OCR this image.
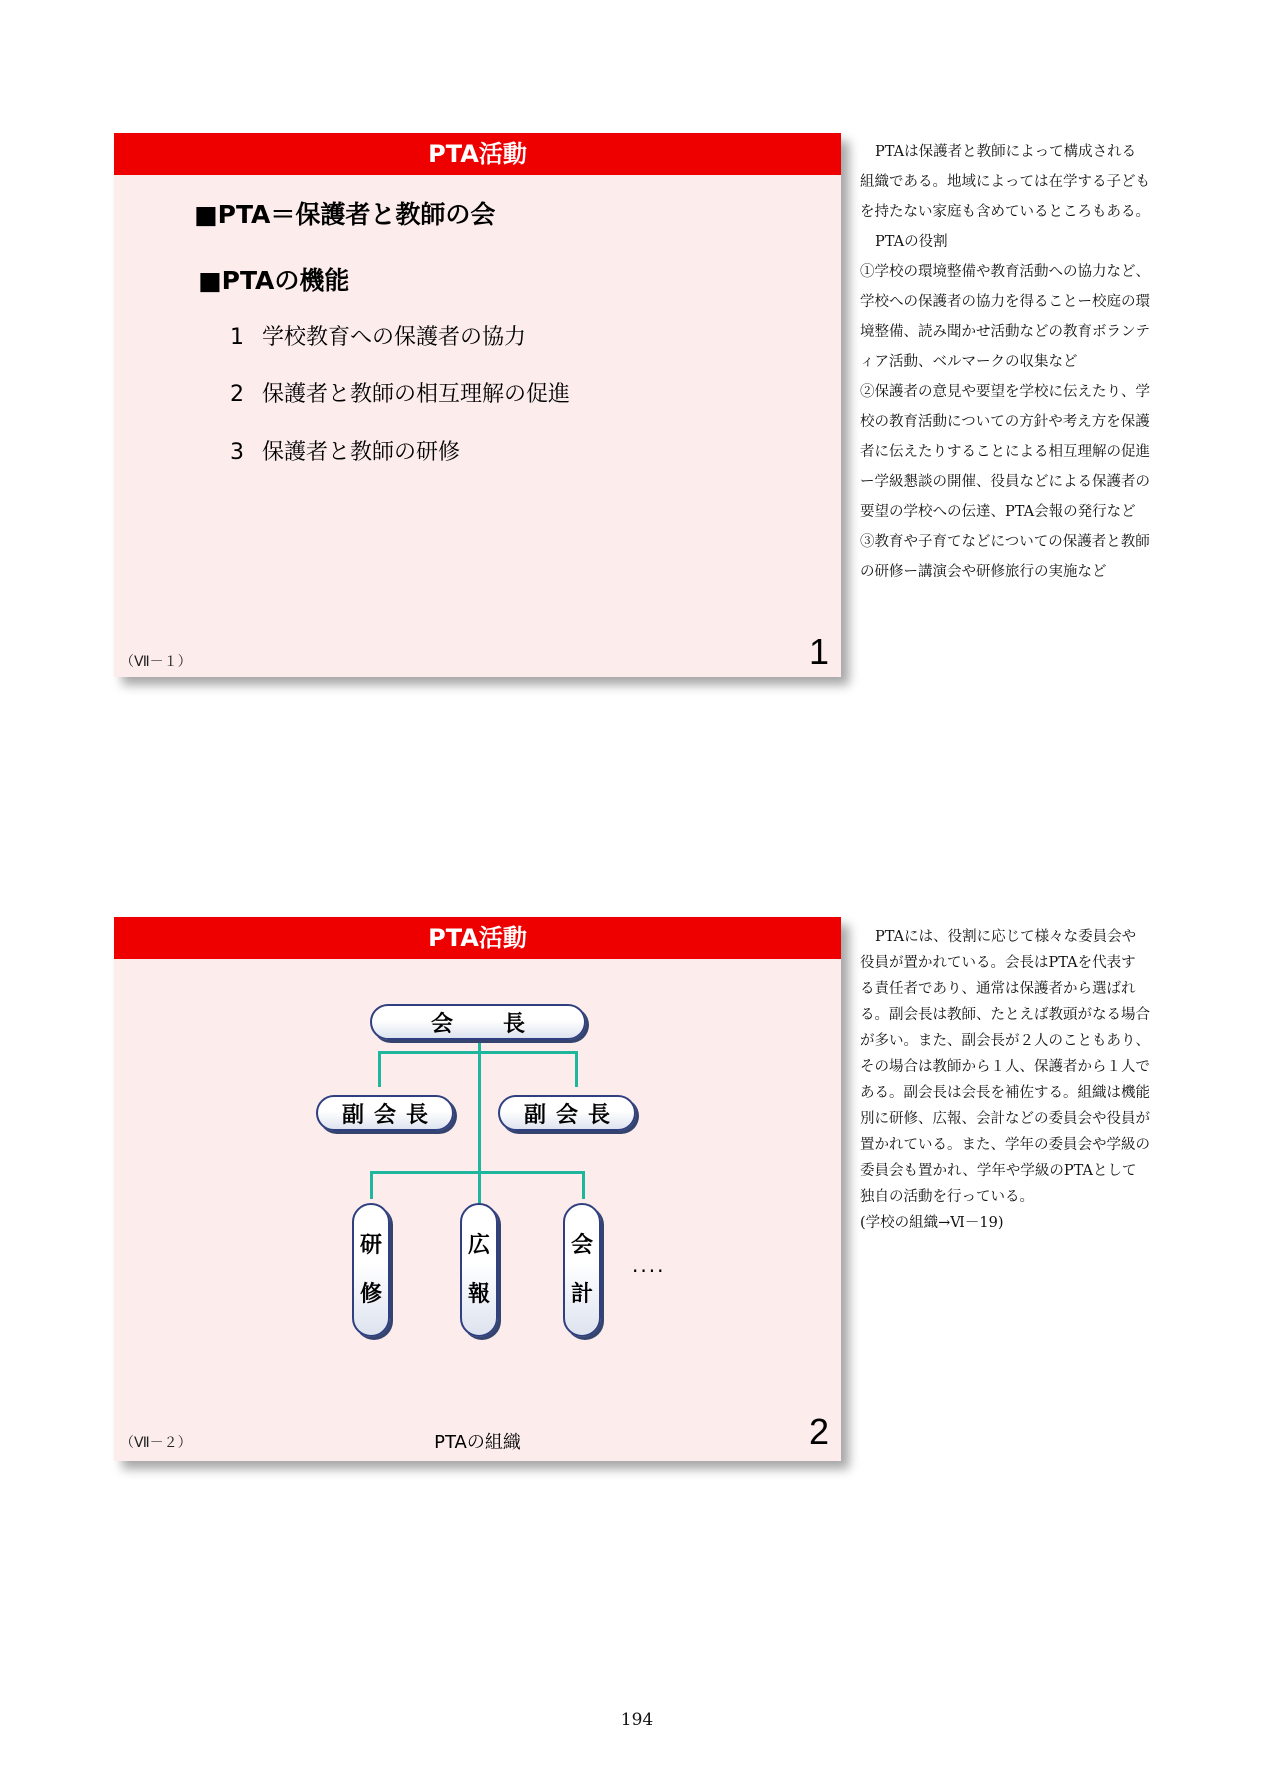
PTA活動
■PTA＝保護者と教師の会
■PTAの機能
1 学校教育への保護者の協力
2 保護者と教師の相互理解の促進
3 保護者と教師の研修
（Ⅶ－１）	1

PTAは保護者と教師によって構成される組織である。地域によっては在学する子どもを持たない家庭も含めているところもある。

PTAの役割

①学校の環境整備や教育活動への協力など、学校への保護者の協力を得ることー校庭の環境整備、読み聞かせ活動などの教育ボランティア活動、ベルマークの収集など

②保護者の意見や要望を学校に伝えたり、学校の教育活動についての方針や考え方を保護者に伝えたりすることによる相互理解の促進ー学級懇談の開催、役員などによる保護者の要望の学校への伝達、PTA会報の発行など

③教育や子育てなどについての保護者と教師の研修ー講演会や研修旅行の実施など

PTA活動
会　長
副会長	副会長
研
修
広
報
会
計
····
PTAの組織
（Ⅶ－２）	2

PTAには、役割に応じて様々な委員会や役員が置かれている。会長はPTAを代表する責任者であり、通常は保護者から選ばれる。副会長は教師、たとえば教頭がなる場合が多い。また、副会長が２人のこともあり、その場合は教師から１人、保護者から１人である。副会長は会長を補佐する。組織は機能別に研修、広報、会計などの委員会や役員が置かれている。また、学年の委員会や学級の委員会も置かれ、学年や学級のPTAとして独自の活動を行っている。

(学校の組織→Ⅵ－19)

194
